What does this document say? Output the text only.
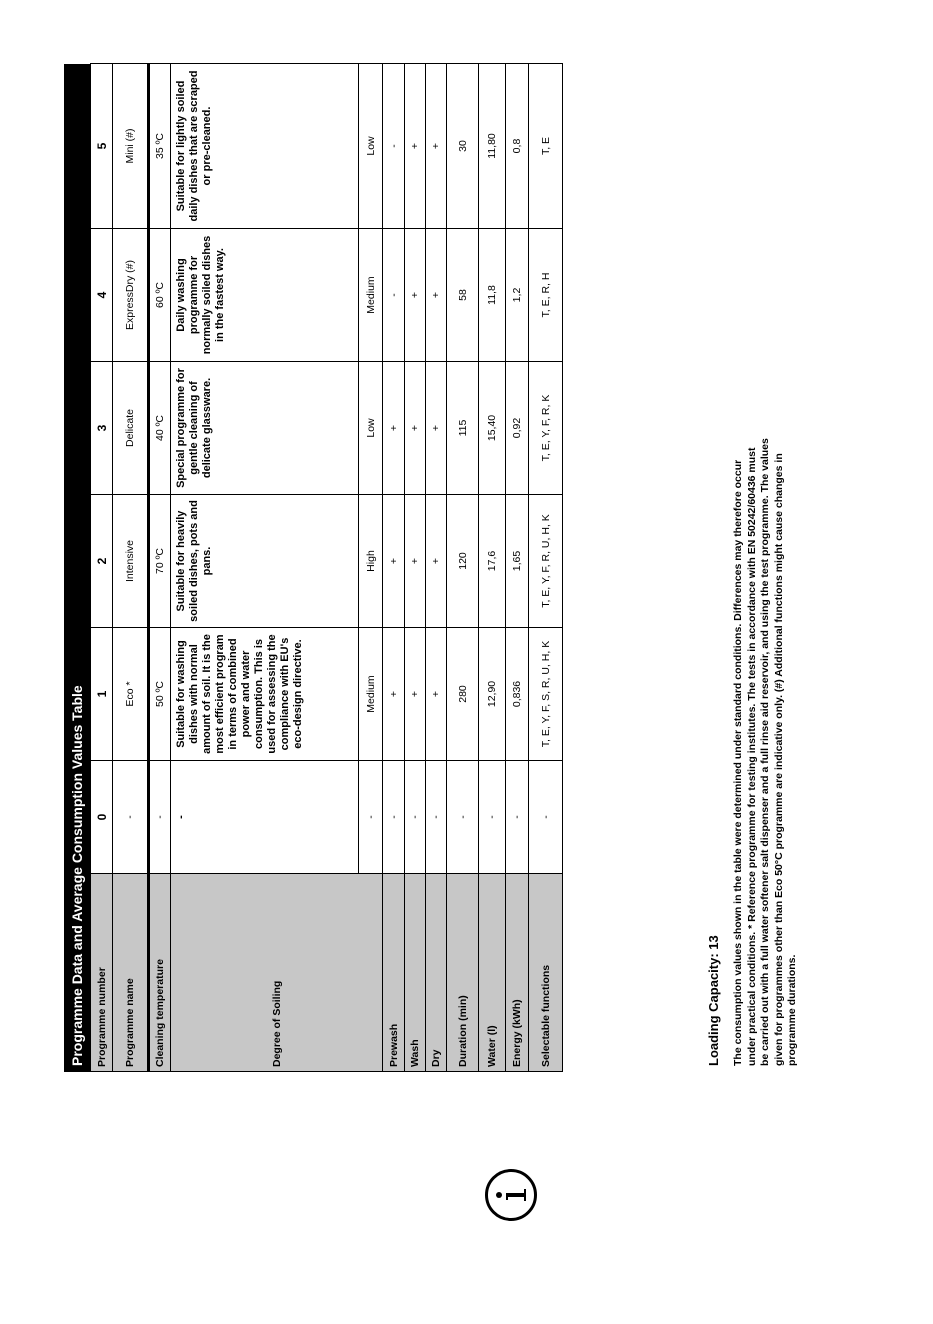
Programme Data and Average Consumption Values Table	Programme number	0	1	2	3	4	5
Programme name	-	Eco *	Intensive	Delicate	ExpressDry (#)	Mini (#)
Cleaning temperature	-	50 ºC	70 ºC	40 ºC	60 ºC	35 ºC
Degree of Soiling	-	Suitable for washing dishes with normal amount of soil. It is the most efficient program in terms of combined power and water consumption. This is used for assessing the compliance with EU's eco-design directive.	Suitable for heavily soiled dishes, pots and pans.	Special programme for gentle cleaning of delicate glassware.	Daily washing programme for normally soiled dishes in the fastest way.	Suitable for lightly soiled daily dishes that are scraped or pre-cleaned.
	-	Medium	High	Low	Medium	Low
Prewash	-	+	+	+	-	-
Wash	-	+	+	+	+	+
Dry	-	+	+	+	+	+
Duration (min)	-	280	120	115	58	30
Water (l)	-	12,90	17,6	15,40	11,8	11,80
Energy (kWh)	-	0,836	1,65	0,92	1,2	0,8
Selectable functions	-	T, E, Y, F, S, R, U, H, K	T, E, Y, F, R, U, H, K	T, E, Y, F, R, K	T, E, R, H	T, E
Loading Capacity: 13 The consumption values shown in the table were determined under standard conditions. Differences may therefore occur under practical conditions. * Reference programme for testing institutes. The tests in accordance with EN 50242/60436 must be carried out with a full water softener salt dispenser and a full rinse aid reservoir, and using the test programme. The values given for programmes other than Eco 50°C programme are indicative only. (#) Additional functions might cause changes in programme durations.
